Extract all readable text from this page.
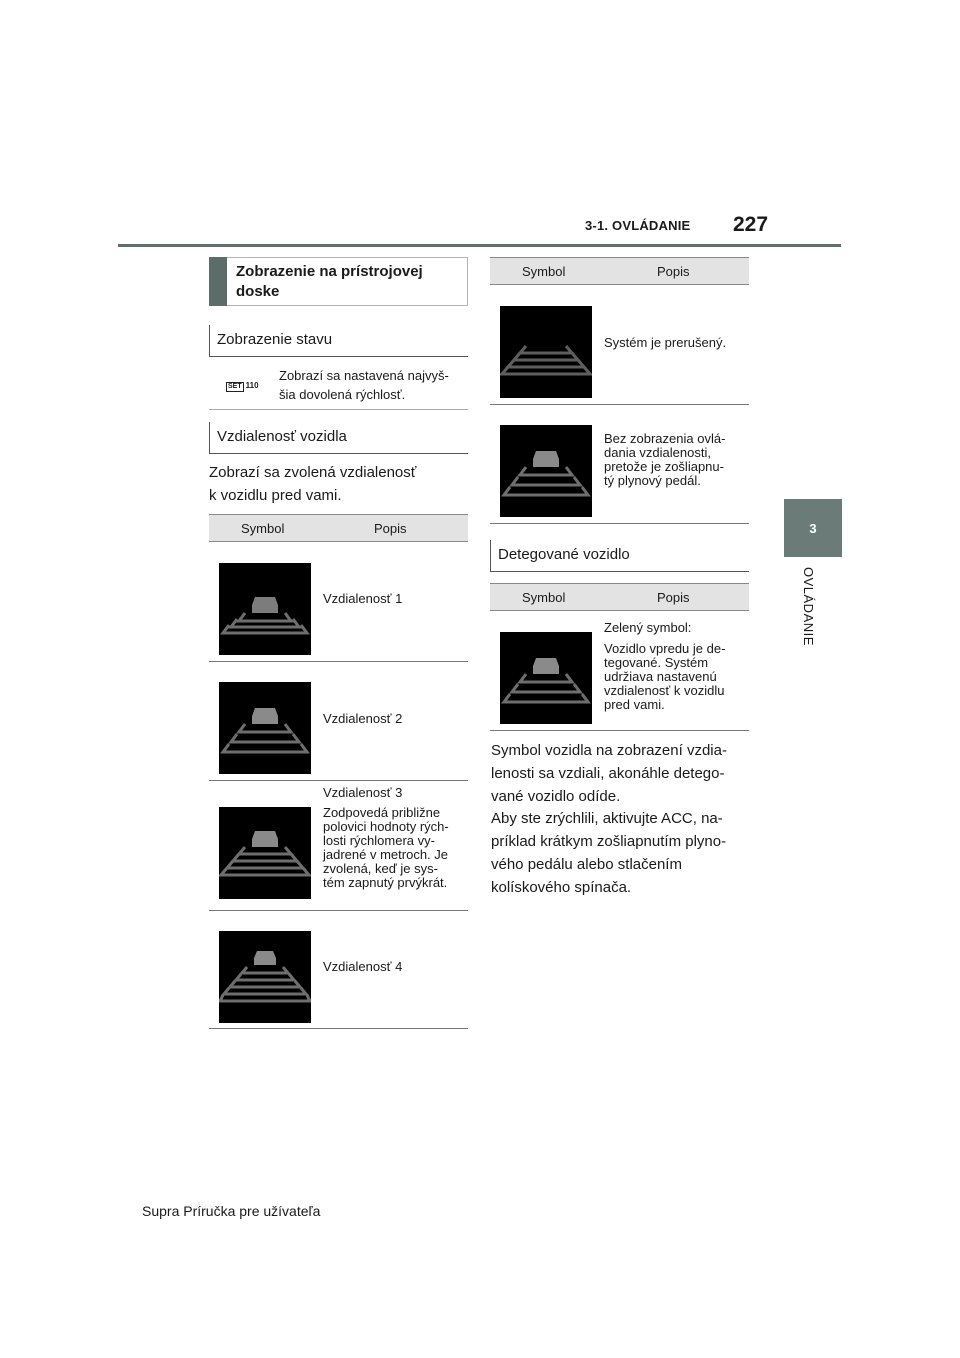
3-1. OVLÁDANIE 227
3
OVLÁDANIE
Zobrazenie na prístrojovej doske
Zobrazenie stavu
SET 110
Zobrazí sa nastavená najvyš-
šia dovolená rýchlosť.
Vzdialenosť vozidla
Zobrazí sa zvolená vzdialenosť
k vozidlu pred vami.
Symbol	Popis
Vzdialenosť 1
Vzdialenosť 2
Vzdialenosť 3
Zodpovedá približne
polovici hodnoty rých-
losti rýchlomera vy-
jadrené v metroch. Je
zvolená, keď je sys-
tém zapnutý prvýkrát.
Vzdialenosť 4
Symbol	Popis
Systém je prerušený.
Bez zobrazenia ovlá-
dania vzdialenosti,
pretože je zošliapnu-
tý plynový pedál.
Detegované vozidlo
Symbol	Popis
Zelený symbol:
Vozidlo vpredu je de-
tegované. Systém
udržiava nastavenú
vzdialenosť k vozidlu
pred vami.
Symbol vozidla na zobrazení vzdia-
lenosti sa vzdiali, akonáhle detego-
vané vozidlo odíde.
Aby ste zrýchlili, aktivujte ACC, na-
príklad krátkym zošliapnutím plyno-
vého pedálu alebo stlačením
kolískového spínača.
Supra Príručka pre užívateľa
